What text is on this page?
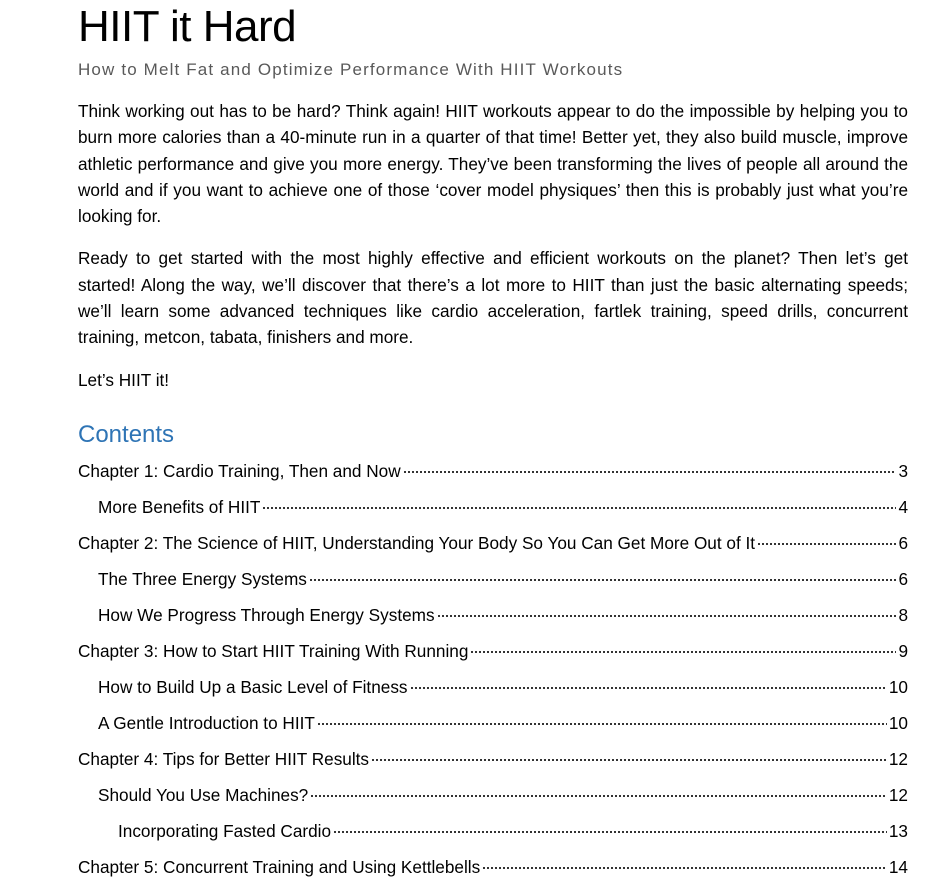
HIIT it Hard
How to Melt Fat and Optimize Performance With HIIT Workouts

Think working out has to be hard? Think again! HIIT workouts appear to do the impossible by helping you to burn more calories than a 40-minute run in a quarter of that time! Better yet, they also build muscle, improve athletic performance and give you more energy. They’ve been transforming the lives of people all around the world and if you want to achieve one of those ‘cover model physiques’ then this is probably just what you’re looking for.

Ready to get started with the most highly effective and efficient workouts on the planet? Then let’s get started! Along the way, we’ll discover that there’s a lot more to HIIT than just the basic alternating speeds; we’ll learn some advanced techniques like cardio acceleration, fartlek training, speed drills, concurrent training, metcon, tabata, finishers and more.

Let’s HIIT it!

Contents
Chapter 1: Cardio Training, Then and Now	3
More Benefits of HIIT	4
Chapter 2: The Science of HIIT, Understanding Your Body So You Can Get More Out of It	6
The Three Energy Systems	6
How We Progress Through Energy Systems	8
Chapter 3: How to Start HIIT Training With Running	9
How to Build Up a Basic Level of Fitness	10
A Gentle Introduction to HIIT	10
Chapter 4: Tips for Better HIIT Results	12
Should You Use Machines?	12
Incorporating Fasted Cardio	13
Chapter 5: Concurrent Training and Using Kettlebells	14
